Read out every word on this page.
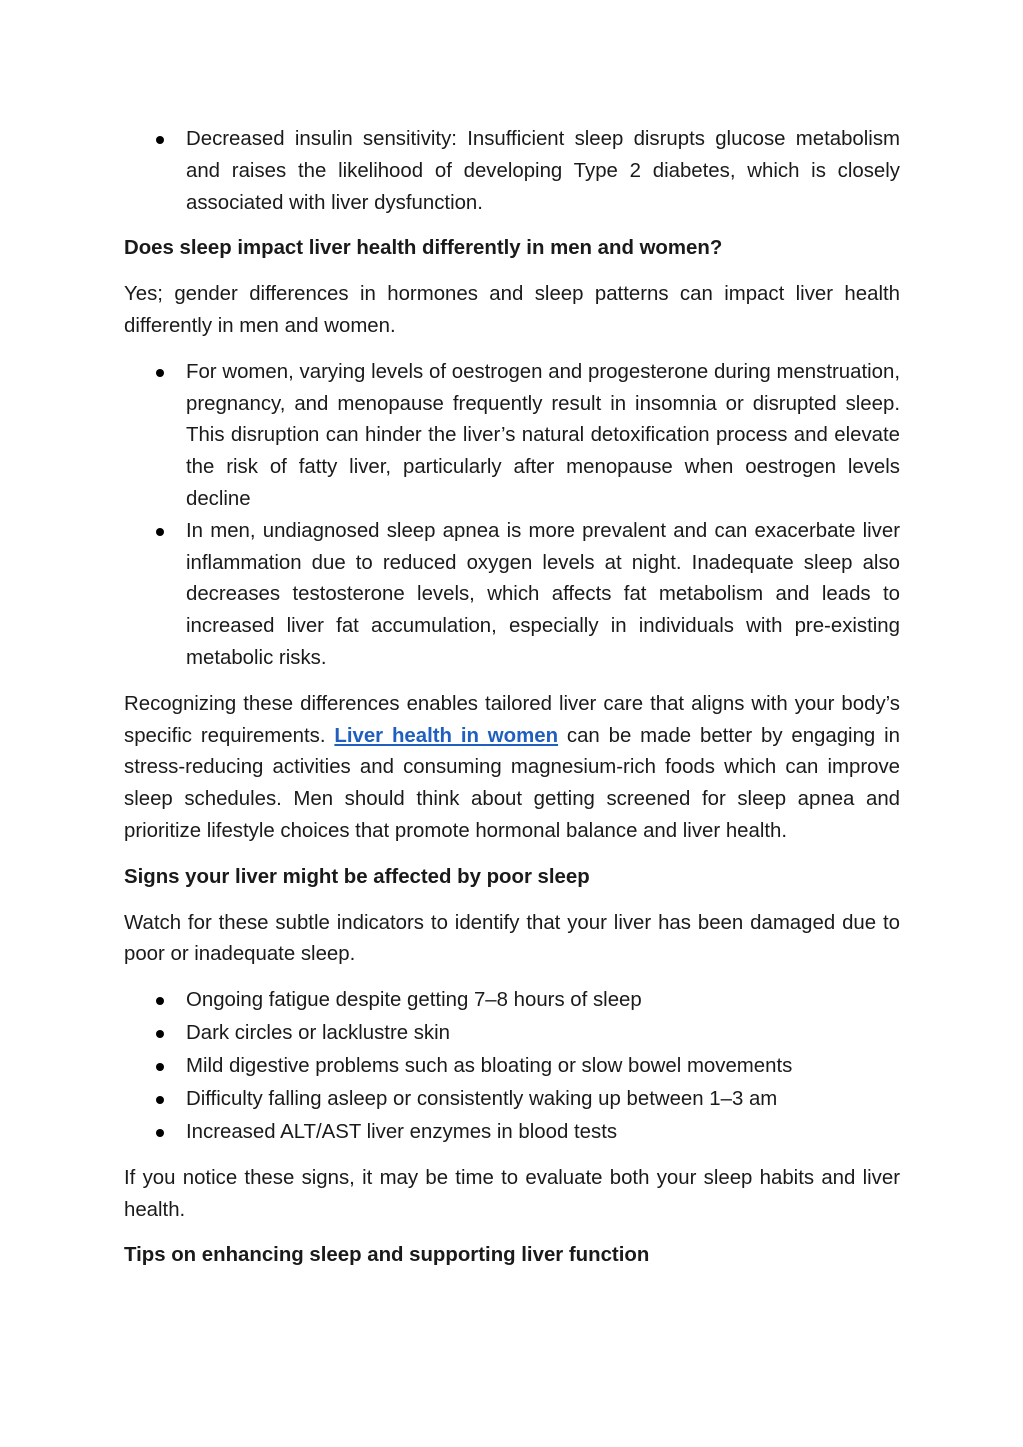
Decreased insulin sensitivity: Insufficient sleep disrupts glucose metabolism and raises the likelihood of developing Type 2 diabetes, which is closely associated with liver dysfunction.

Does sleep impact liver health differently in men and women?

Yes; gender differences in hormones and sleep patterns can impact liver health differently in men and women.

For women, varying levels of oestrogen and progesterone during menstruation, pregnancy, and menopause frequently result in insomnia or disrupted sleep. This disruption can hinder the liver’s natural detoxification process and elevate the risk of fatty liver, particularly after menopause when oestrogen levels decline
In men, undiagnosed sleep apnea is more prevalent and can exacerbate liver inflammation due to reduced oxygen levels at night. Inadequate sleep also decreases testosterone levels, which affects fat metabolism and leads to increased liver fat accumulation, especially in individuals with pre-existing metabolic risks.

Recognizing these differences enables tailored liver care that aligns with your body’s specific requirements. Liver health in women can be made better by engaging in stress-reducing activities and consuming magnesium-rich foods which can improve sleep schedules. Men should think about getting screened for sleep apnea and prioritize lifestyle choices that promote hormonal balance and liver health.

Signs your liver might be affected by poor sleep

Watch for these subtle indicators to identify that your liver has been damaged due to poor or inadequate sleep.

Ongoing fatigue despite getting 7–8 hours of sleep
Dark circles or lacklustre skin
Mild digestive problems such as bloating or slow bowel movements
Difficulty falling asleep or consistently waking up between 1–3 am
Increased ALT/AST liver enzymes in blood tests

If you notice these signs, it may be time to evaluate both your sleep habits and liver health.

Tips on enhancing sleep and supporting liver function
